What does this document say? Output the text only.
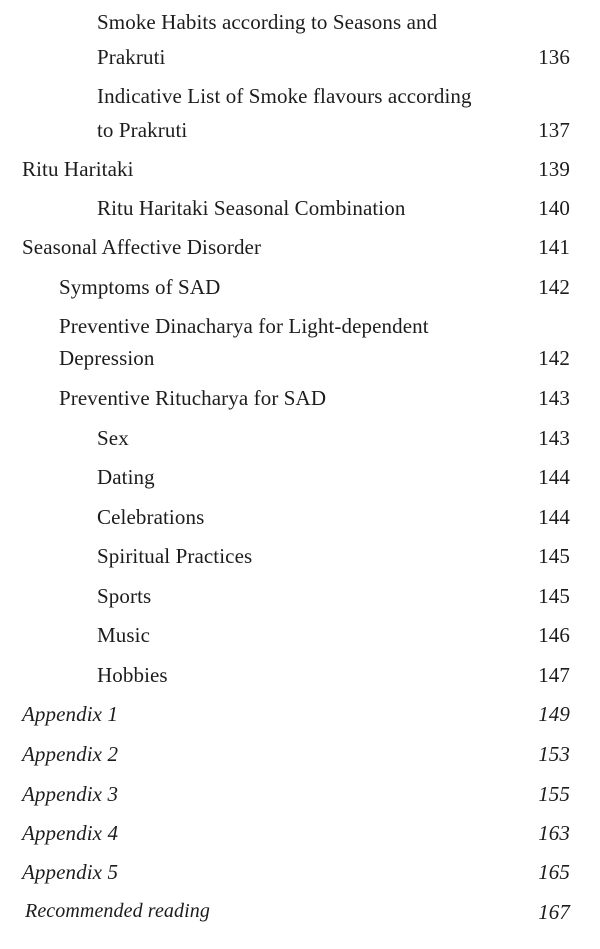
Smoke Habits according to Seasons and
Prakruti	136
Indicative List of Smoke flavours according
to Prakruti	137
Ritu Haritaki	139
Ritu Haritaki Seasonal Combination	140
Seasonal Affective Disorder	141
Symptoms of SAD	142
Preventive Dinacharya for Light-dependent
Depression	142
Preventive Ritucharya for SAD	143
Sex	143
Dating	144
Celebrations	144
Spiritual Practices	145
Sports	145
Music	146
Hobbies	147
Appendix 1	149
Appendix 2	153
Appendix 3	155
Appendix 4	163
Appendix 5	165
Recommended reading	167
